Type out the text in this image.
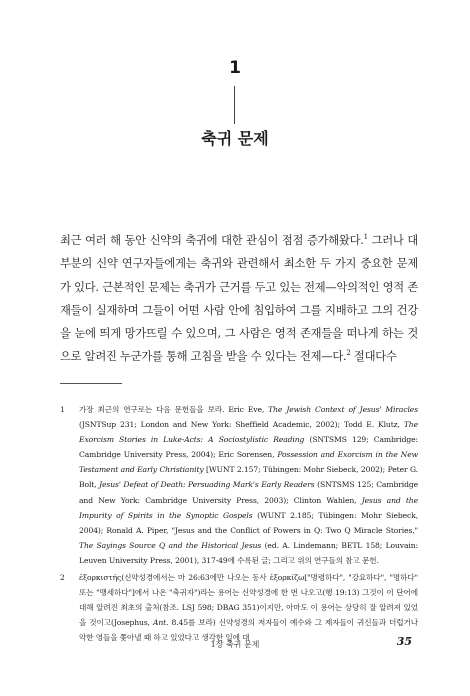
1
축귀 문제

최근 여러 해 동안 신약의 축귀에 대한 관심이 점점 증가해왔다.$^1$ 그러나 대부분의 신약 연구자들에게는 축귀와 관련해서 최소한 두 가지 중요한 문제가 있다. 근본적인 문제는 축귀가 근거를 두고 있는 전제—악의적인 영적 존재들이 실재하며 그들이 어떤 사람 안에 침입하여 그를 지배하고 그의 건강을 눈에 띄게 망가뜨릴 수 있으며, 그 사람은 영적 존재들을 떠나게 하는 것으로 알려진 누군가를 통해 고침을 받을 수 있다는 전제—다.$^2$ 절대다수

1 가장 최근의 연구로는 다음 문헌들을 보라. Eric Eve, The Jewish Context of Jesus' Miracles (JSNTSup 231; London and New York: Sheffield Academic, 2002); Todd E. Klutz, The Exorcism Stories in Luke-Acts: A Sociostylistic Reading (SNTSMS 129; Cambridge: Cambridge University Press, 2004); Eric Sorensen, Possession and Exorcism in the New Testament and Early Christianity [WUNT 2.157; Tübingen: Mohr Siebeck, 2002); Peter G. Bolt, Jesus' Defeat of Death: Persuading Mark's Early Readers (SNTSMS 125; Cambridge and New York: Cambridge University Press, 2003); Clinton Wahlen, Jesus and the Impurity of Spirits in the Synoptic Gospels (WUNT 2.185; Tübingen: Mohr Siebeck, 2004); Ronald A. Piper, "Jesus and the Conflict of Powers in Q: Two Q Miracle Stories," The Sayings Source Q and the Historical Jesus (ed. A. Lindemann; BETL 158; Louvain: Leuven University Press, 2001), 317-49에 수록된 글; 그리고 위의 연구들의 참고 문헌.

2 ἐξορκιστής(신약성경에서는 마 26:63에만 나오는 동사 ἐξορκίζω["명령하다", "강요하다", "명하다" 또는 "맹세하다"]에서 나온 "축귀자")라는 용어는 신약성경에 한 번 나오고(행 19:13) 그것이 이 단어에 대해 알려진 최초의 출처(참조. LSJ 598; DBAG 351)이지만, 아마도 이 용어는 상당히 잘 알려져 있었을 것이고(Josephus, Ant. 8.45를 보라) 신약성경의 저자들이 예수와 그 제자들이 귀신들과 더럽거나 악한 영들을 쫓아낼 때 하고 있었다고 생각한 일에 대

1장 축귀 문제	35
